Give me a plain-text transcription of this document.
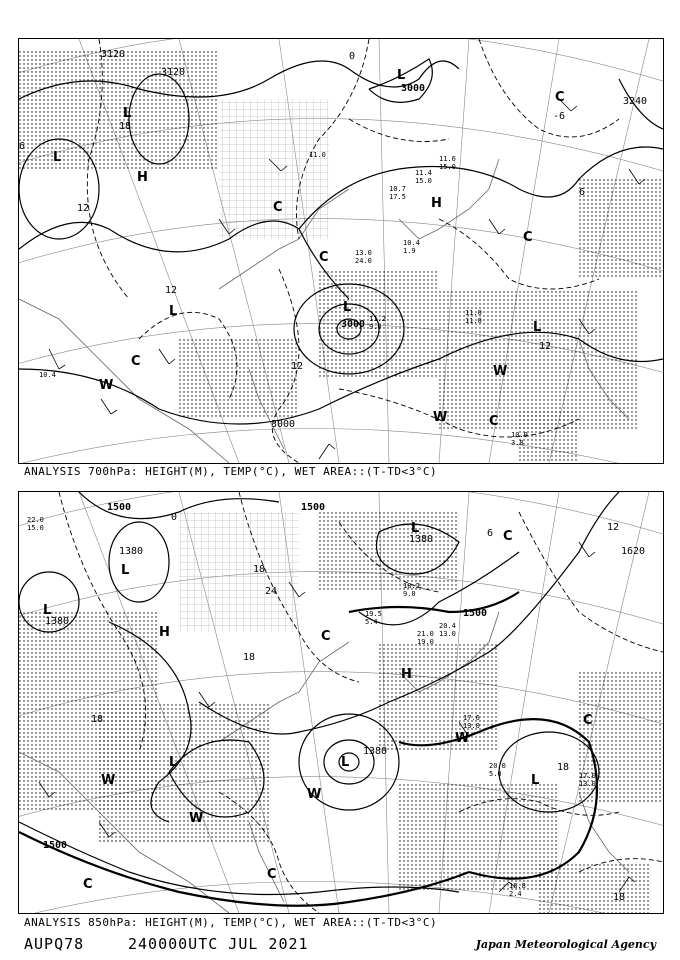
3120
3120
3000
3240
3000
3000
12
12
12
12
18
0
6
6
-6
L
L
L
L	L
L
H
H
W
W
W
C
C
C
C
C
C
11.6
15.0
11.4
15.0
10.7
17.5
10.4
1.9
11.2
9.0
10.0
3.8
10.4
11.0
11.0
11.0
13.0
24.0
ANALYSIS 700hPa: HEIGHT(M), TEMP(°C), WET AREA::(T-TD<3°C)
1500
1380
1380
1380
1620
1500
1500
1380
1500
18
18
18
18
24
0
6
12
18
L
L
L
L	L
L
H
H
W
W
W
W
C
C
C
C
C
20.4
13.0
18.2
9.0
19.5
5.4
21.0
19.0
20.0
5.0
18.8
2.4
17.6
13.0
22.0
15.0
17.0
13.0
ANALYSIS 850hPa: HEIGHT(M), TEMP(°C), WET AREA::(T-TD<3°C)
AUPQ78	240000UTC JUL 2021	Japan Meteorological Agency
